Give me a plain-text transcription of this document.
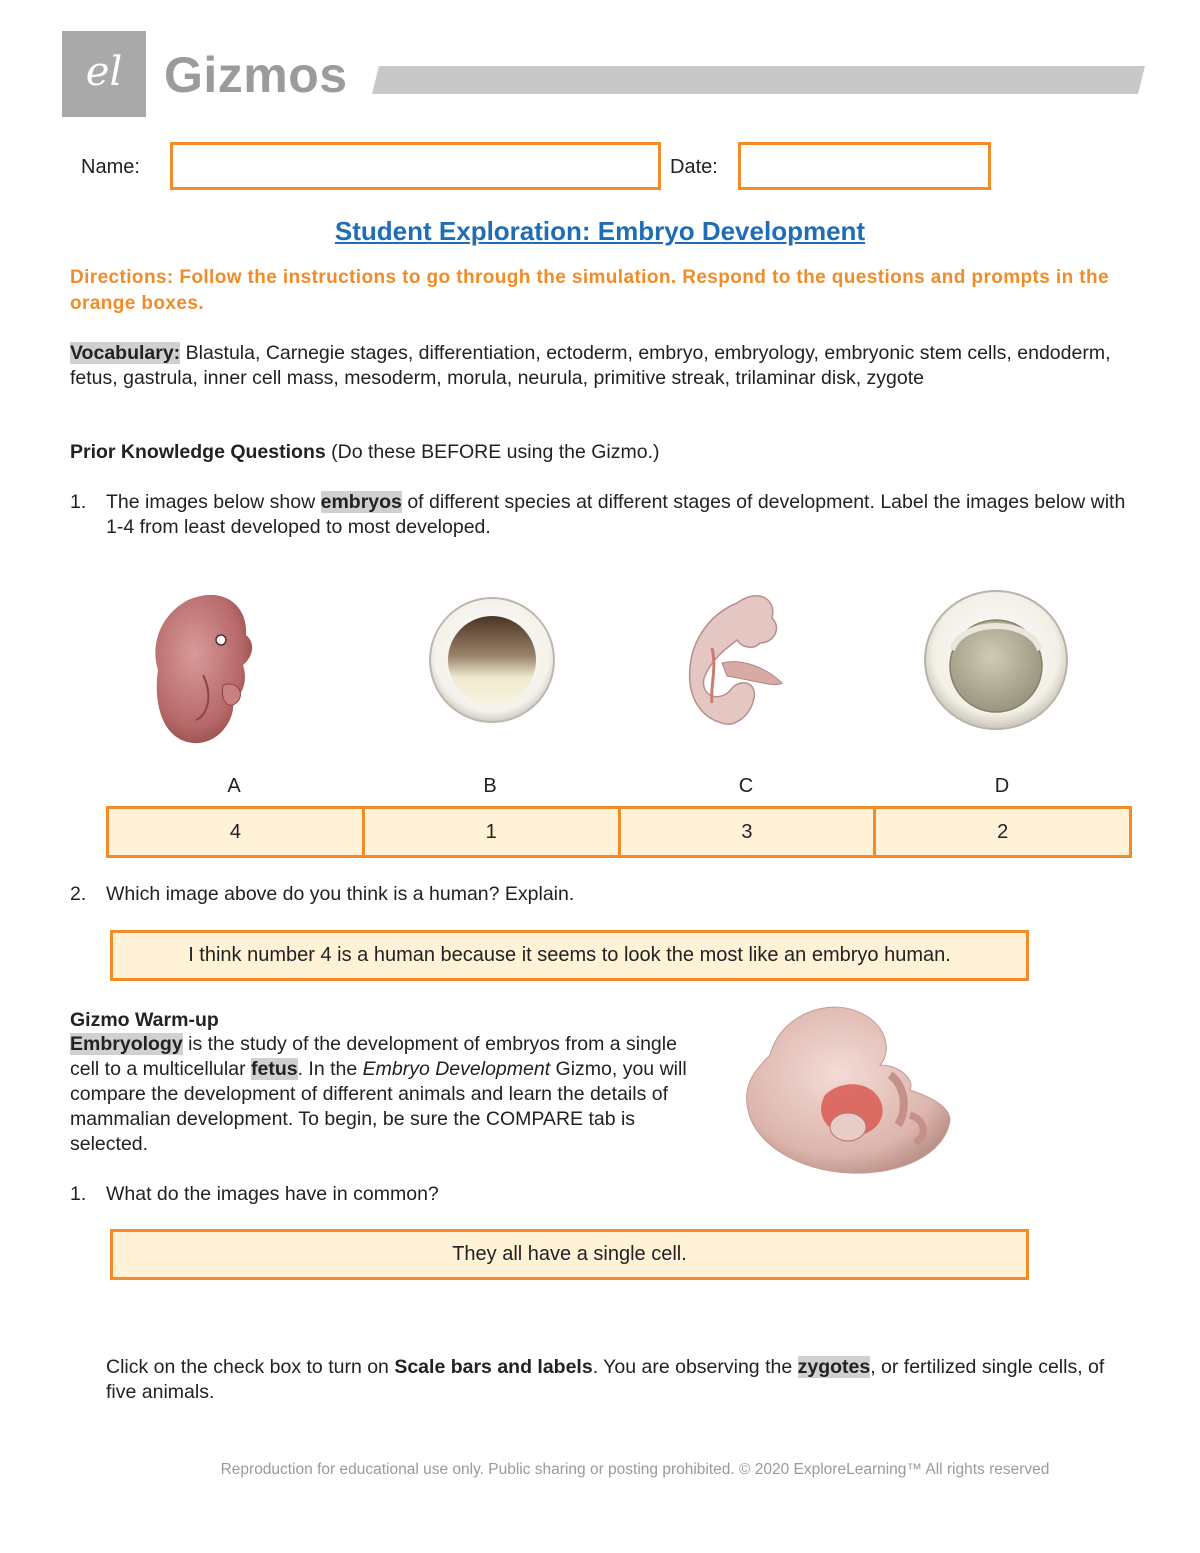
el Gizmos
Name:	Date:
Student Exploration: Embryo Development
Directions: Follow the instructions to go through the simulation. Respond to the questions and prompts in the orange boxes.
Vocabulary: Blastula, Carnegie stages, differentiation, ectoderm, embryo, embryology, embryonic stem cells, endoderm, fetus, gastrula, inner cell mass, mesoderm, morula, neurula, primitive streak, trilaminar disk, zygote
Prior Knowledge Questions (Do these BEFORE using the Gizmo.)
1. The images below show embryos of different species at different stages of development. Label the images below with 1-4 from least developed to most developed.
A	B	C	D
4	1	3	2
2. Which image above do you think is a human? Explain.
I think number 4 is a human because it seems to look the most like an embryo human.
Gizmo Warm-up
Embryology is the study of the development of embryos from a single cell to a multicellular fetus. In the Embryo Development Gizmo, you will compare the development of different animals and learn the details of mammalian development. To begin, be sure the COMPARE tab is selected.
1. What do the images have in common?
They all have a single cell.
Click on the check box to turn on Scale bars and labels. You are observing the zygotes, or fertilized single cells, of five animals.
Reproduction for educational use only. Public sharing or posting prohibited. © 2020 ExploreLearning™ All rights reserved
